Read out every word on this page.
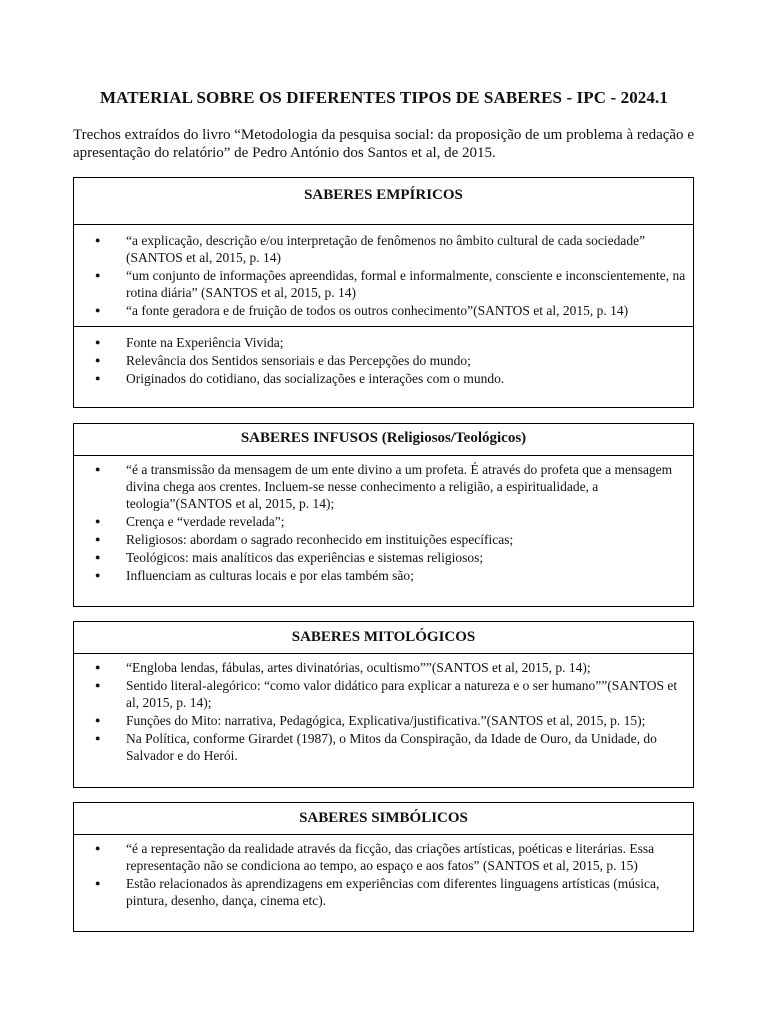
MATERIAL SOBRE OS DIFERENTES TIPOS DE SABERES - IPC - 2024.1
Trechos extraídos do livro “Metodologia da pesquisa social: da proposição de um problema à redação e apresentação do relatório” de Pedro António dos Santos et al, de 2015.
SABERES EMPÍRICOS
● “a explicação, descrição e/ou interpretação de fenômenos no âmbito cultural de cada sociedade” (SANTOS et al, 2015, p. 14)
● “um conjunto de informações apreendidas, formal e informalmente, consciente e inconscientemente, na rotina diária” (SANTOS et al, 2015, p. 14)
● “a fonte geradora e de fruição de todos os outros conhecimento”(SANTOS et al, 2015, p. 14)
● Fonte na Experiência Vivida;
● Relevância dos Sentidos sensoriais e das Percepções do mundo;
● Originados do cotidiano, das socializações e interações com o mundo.
SABERES INFUSOS (Religiosos/Teológicos)
● “é a transmissão da mensagem de um ente divino a um profeta. É através do profeta que a mensagem divina chega aos crentes. Incluem-se nesse conhecimento a religião, a espiritualidade, a teologia”(SANTOS et al, 2015, p. 14);
● Crença e “verdade revelada”;
● Religiosos: abordam o sagrado reconhecido em instituições específicas;
● Teológicos: mais analíticos das experiências e sistemas religiosos;
● Influenciam as culturas locais e por elas também são;
SABERES MITOLÓGICOS
● “Engloba lendas, fábulas, artes divinatórias, ocultismo””(SANTOS et al, 2015, p. 14);
● Sentido literal-alegórico: “como valor didático para explicar a natureza e o ser humano””(SANTOS et al, 2015, p. 14);
● Funções do Mito: narrativa, Pedagógica, Explicativa/justificativa.”(SANTOS et al, 2015, p. 15);
● Na Política, conforme Girardet (1987), o Mitos da Conspiração, da Idade de Ouro, da Unidade, do Salvador e do Herói.
SABERES SIMBÓLICOS
● “é a representação da realidade através da ficção, das criações artísticas, poéticas e literárias. Essa representação não se condiciona ao tempo, ao espaço e aos fatos” (SANTOS et al, 2015, p. 15)
● Estão relacionados às aprendizagens em experiências com diferentes linguagens artísticas (música, pintura, desenho, dança, cinema etc).
